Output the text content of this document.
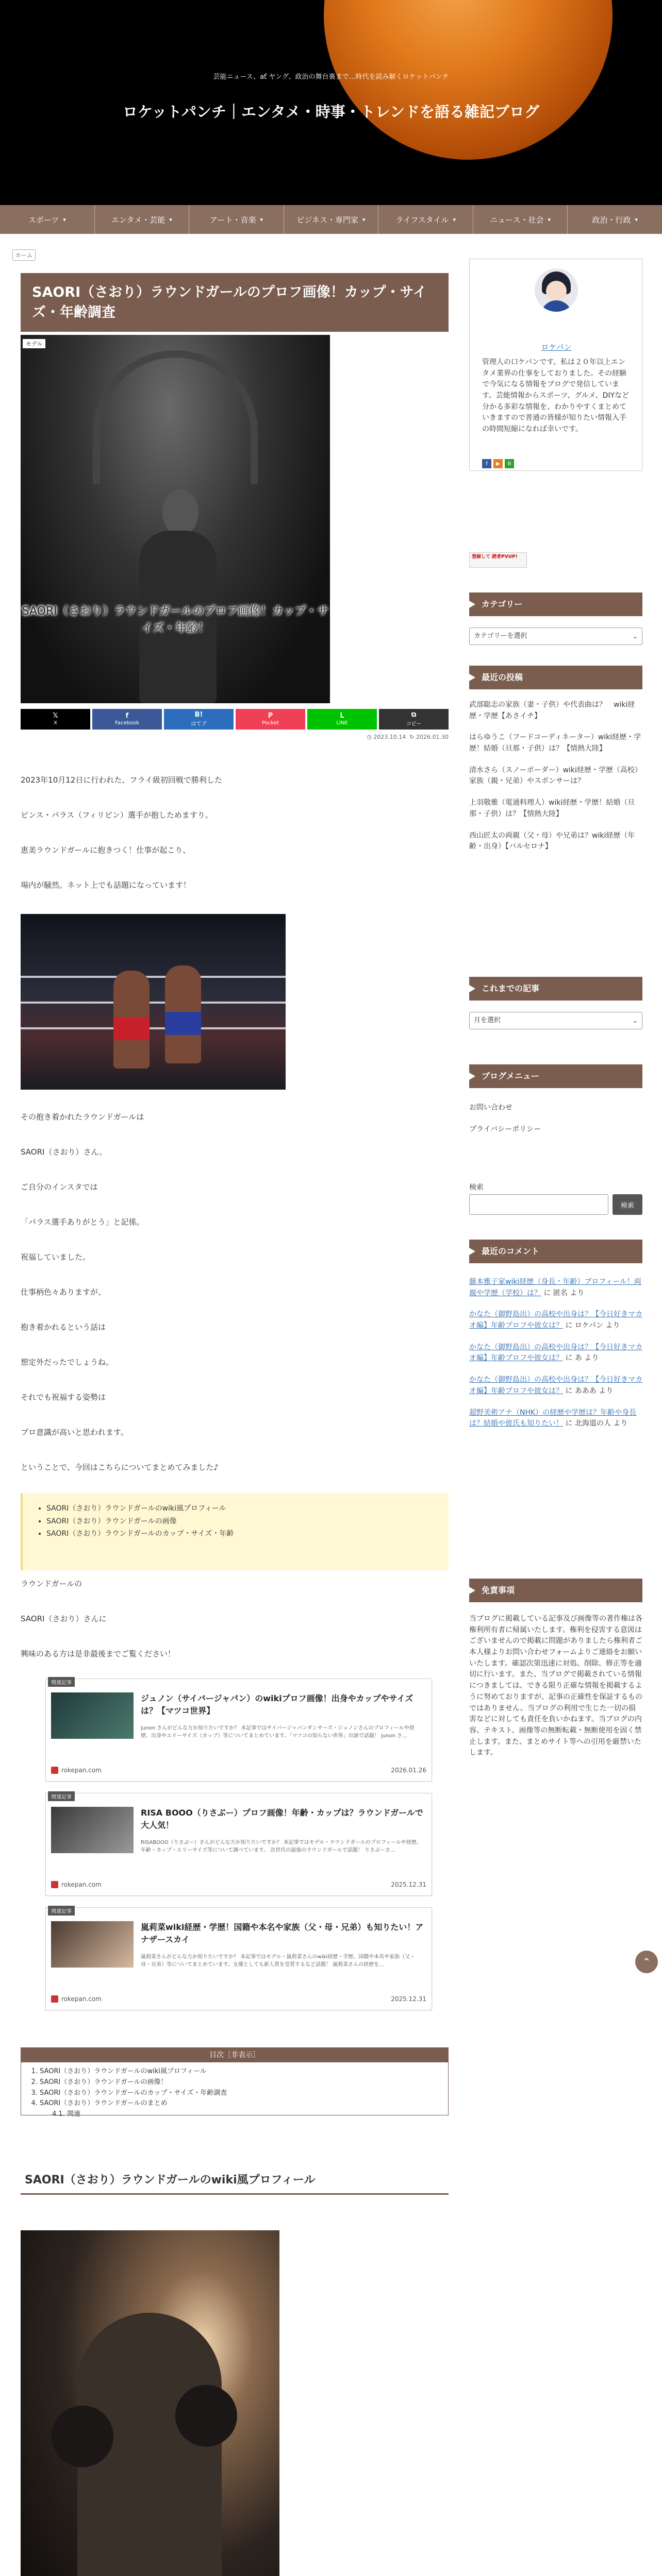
芸能ニュース、ať ヤング、政治の舞台裏まで…時代を読み解くロケットパンチ
ロケットパンチ｜エンタメ・時事・トレンドを語る雑記ブログ
スポーツ ▾	エンタメ・芸能 ▾	アート・音楽 ▾	ビジネス・専門家 ▾	ライフスタイル ▾	ニュース・社会 ▾	政治・行政 ▾
ホーム
SAORI（さおり）ラウンドガールのプロフ画像！カップ・サイズ・年齢調査
モデル
SAORI（さおり）ラウンドガールのプロフ画像！カップ・サイズ・年齢！
𝕏
X
f
Facebook
B!
はてブ
P
Pocket
L
LINE
⧉
コピー
◷ 2023.10.14 ↻ 2026.01.30

2023年10月12日に行われた、フライ級初回戦で勝利した

ピンス・パラス（フィリピン）選手が抱しためますり。

恵美ラウンドガールに抱きつく！仕事が起こり、

場内が騒然。ネット上でも話題になっています！

その抱き着かれたラウンドガールは

SAORI（さおり）さん。

ご自分のインスタでは

「パラス選手ありがとう」と記係。

祝福していました。

仕事柄色々ありますが、

抱き着かれるという話は

想定外だったでしょうね。

それでも祝福する姿勢は

プロ意識が高いと思われます。

ということで、今回はこちらについてまとめてみました♪

• SAORI（さおり）ラウンドガールのwiki風プロフィール
• SAORI（さおり）ラウンドガールの画像
• SAORI（さおり）ラウンドガールのカップ・サイズ・年齢

ラウンドガールの

SAORI（さおり）さんに

興味のある方は是非最後までご覧ください！

関連記事
ジュノン（サイバージャパン）のwikiプロフ画像！出身やカップやサイズは？【マツコ世界】
junon さんがどんな方か知りたいですか？ 本記事ではサイバージャパンダンサーズ・ジュノンさんのプロフィールや経歴、出身やエリーサイズ（カップ）等についてまとめています。「マツコの知らない世界」出演で話題！ junon さ...
rokepan.com	2026.01.26
関連記事
RISA BOOO（りさぶー）プロフ画像！年齢・カップは？ラウンドガールで大人気！
RISABOOO（りさぶー）さんがどんな方か知りたいですか？ 本記事ではモデル・ラウンドガールのプロフィールや経歴、年齢・カップ・エリーサイズ等について調べています。 次世代の最強のラウンドガールで話題！ りさぶーさ...
rokepan.com	2025.12.31
関連記事
嵐莉菜wiki経歴・学歴！国籍や本名や家族（父・母・兄弟）も知りたい！アナザースカイ
嵐莉菜さんがどんな方か知りたいですか？ 本記事ではモデル・嵐莉菜さんのwiki経歴・学歴、国籍や本名や家族（父・母・兄弟）等についてまとめています。女優としても新人賞を受賞するなど話題！ 嵐莉菜さんの経歴を...
rokepan.com	2025.12.31
目次［非表示］
1. SAORI（さおり）ラウンドガールのwiki風プロフィール
2. SAORI（さおり）ラウンドガールの画像！
3. SAORI（さおり）ラウンドガールのカップ・サイズ・年齢調査
4. SAORI（さおり）ラウンドガールのまとめ
4.1. 関連
SAORI（さおり）ラウンドガールのwiki風プロフィール

ロケパン
管理人の口ケパンです。私は２０年以上エンタメ業界の仕事をしておりました。その経験で今気になる情報をブログで発信しています。芸能情報からスポーツ、グルメ、DIYなど分かる多彩な情報を、わかりやすくまとめていきますので普通の皆様が知りたい情報入手の時間短縮になれば幸いです。
f	▶	B
登録して 読者PVUP!
カテゴリー
カテゴリーを選択	⌄
最近の投稿
武部聡志の家族（妻・子供）や代表曲は？　wiki経歴・学歴【あさイチ】
はらゆうこ（フードコーディネーター）wiki経歴・学歴！結婚（旦那・子供）は？【情熱大陸】
清水さら（スノーボーダー）wiki経歴・学歴（高校）家族（親・兄弟）やスポンサーは？
上羽敬雅（電通料理人）wiki経歴・学歴！結婚（旦那・子供）は？【情熱大陸】
西山匠太の両親（父・母）や兄弟は？wiki経歴（年齢・出身）【バルセロナ】
これまでの記事
月を選択	⌄
ブログメニュー
お問い合わせ
プライバシーポリシー
検索
検索
最近のコメント
藤本雅子家wiki経歴（身長・年齢）プロフィール！両親や学歴（学校）は？ に 匿名 より
かなた（御野島出）の高校や出身は？【今日好きマカオ編】年齢プロフや彼女は？ に ロケパン より
かなた（御野島出）の高校や出身は？【今日好きマカオ編】年齢プロフや彼女は？ に あ より
かなた（御野島出）の高校や出身は？【今日好きマカオ編】年齢プロフや彼女は？ に あああ より
超野美術アナ（NHK）の経歴や学歴は？年齢や身長は？結婚や彼氏も知りたい！ に 北海道の人 より
免責事項
当ブログに掲載している記事及び画像等の著作権は各権利所有者に帰属いたします。権利を侵害する意図はございませんので掲載に問題がありましたら権利者ご本人様よりお問い合わせフォームよりご連絡をお願いいたします。確認次第迅速に対処、削除、修正等を適切に行います。また、当ブログで掲載されている情報につきましては、できる限り正確な情報を掲載するように努めておりますが、記事の正確性を保証するものではありません。当ブログの利用で生じた一切の損害などに対しても責任を負いかねます。当ブログの内容、テキスト、画像等の無断転載・無断使用を固く禁止します。また、まとめサイト等への引用を厳禁いたします。
⌃
